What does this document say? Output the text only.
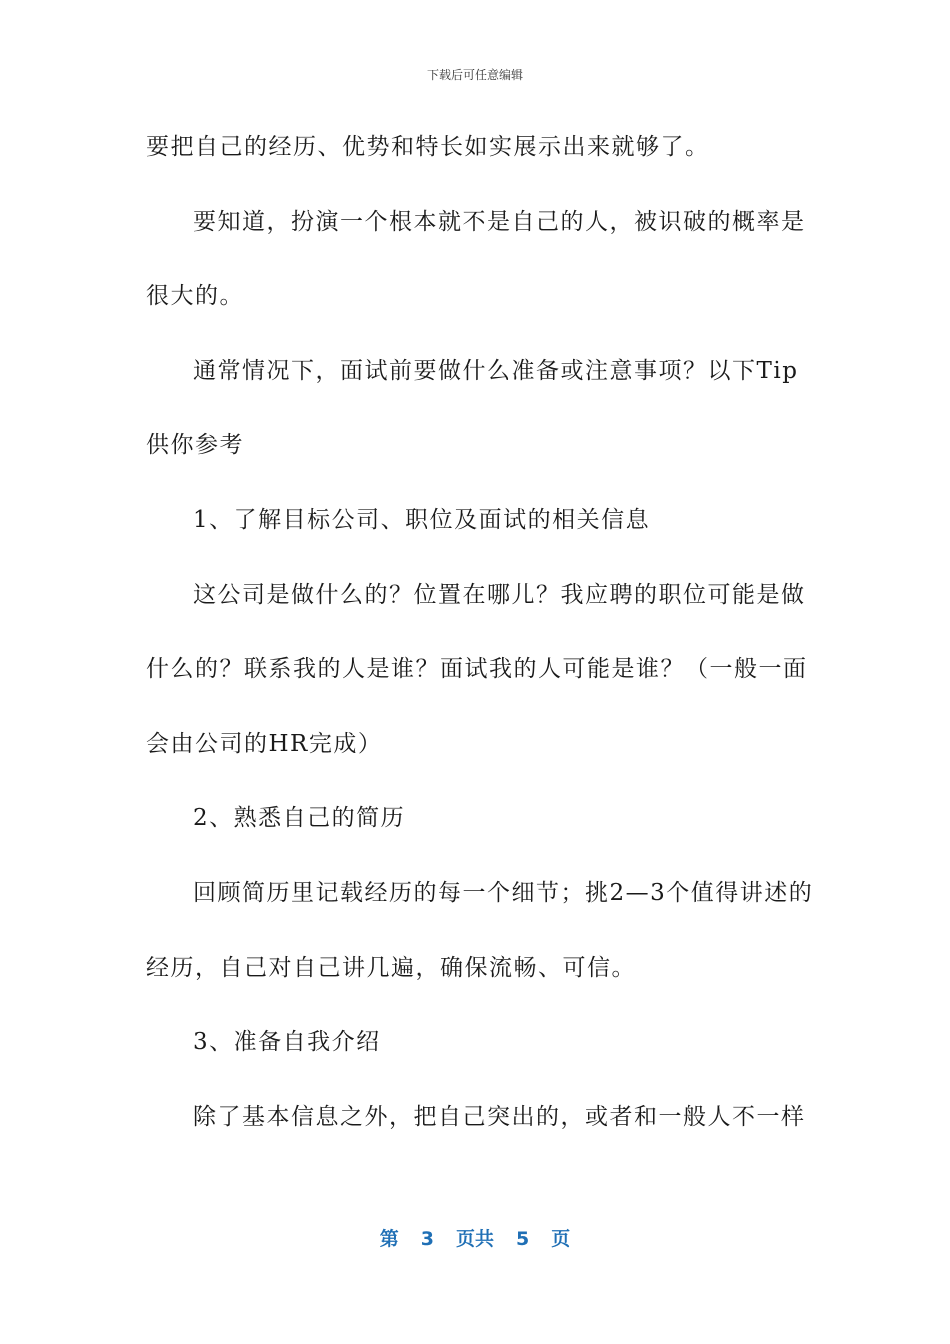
下载后可任意编辑
要把自己的经历、优势和特长如实展示出来就够了。
要知道，扮演一个根本就不是自己的人，被识破的概率是
很大的。
通常情况下，面试前要做什么准备或注意事项？以下Tip
供你参考
1、了解目标公司、职位及面试的相关信息
这公司是做什么的？位置在哪儿？我应聘的职位可能是做
什么的？联系我的人是谁？面试我的人可能是谁？（一般一面
会由公司的HR完成）
2、熟悉自己的简历
回顾简历里记载经历的每一个细节；挑2—3个值得讲述的
经历，自己对自己讲几遍，确保流畅、可信。
3、准备自我介绍
除了基本信息之外，把自己突出的，或者和一般人不一样
第 3 页共 5 页
